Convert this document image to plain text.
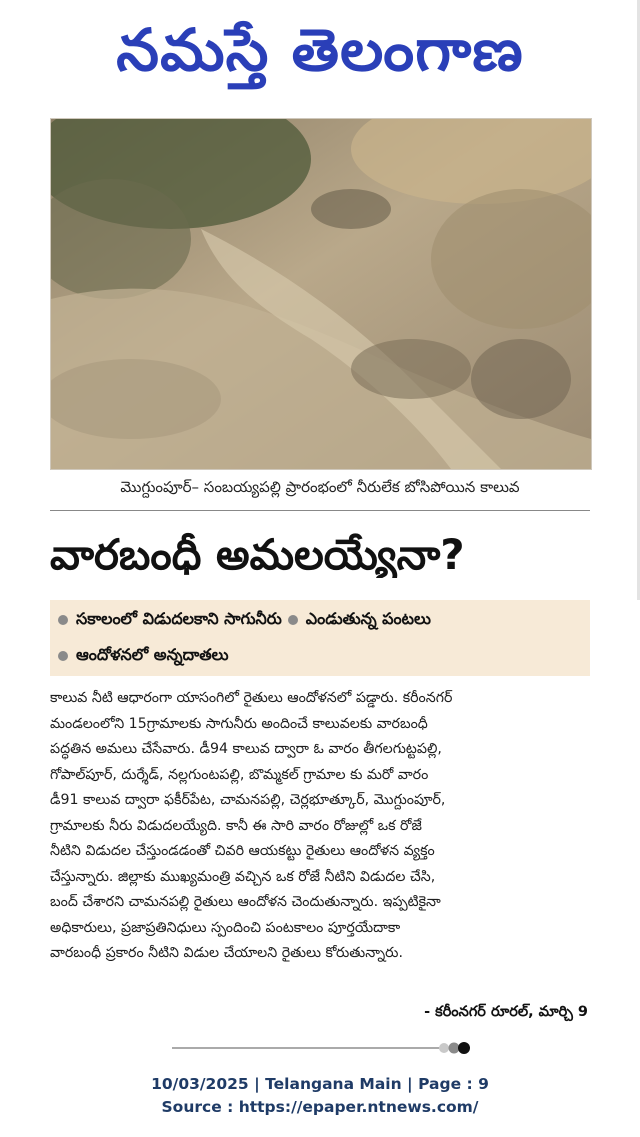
నమస్తే తెలంగాణ
మొగ్దుంపూర్‌– సంబయ్యపల్లి ప్రారంభంలో నీరులేక బోసిపోయిన కాలువ
వారబంధీ అమలయ్యేనా?
సకాలంలో విడుదలకాని సాగునీరు ఎండుతున్న పంటలు
ఆందోళనలో అన్నదాతలు
కాలువ నీటి ఆధారంగా యాసంగిలో రైతులు ఆందోళనలో పడ్డారు. కరీంనగర్‌
మండలంలోని 15గ్రామాలకు సాగునీరు అందించే కాలువలకు వారబంధీ
పద్ధతిన అమలు చేసేవారు. డీ94 కాలువ ద్వారా ఓ వారం తీగలగుట్టపల్లి,
గోపాల్‌పూర్‌, దుర్శేడ్‌, నల్లగుంటపల్లి, బొమ్మకల్‌ గ్రామాల కు మరో వారం
డీ91 కాలువ ద్వారా ఫకీర్‌పేట, చామనపల్లి, చెర్లభూత్కూర్‌, మొగ్దుంపూర్‌,
గ్రామాలకు నీరు విడుదలయ్యేది. కానీ ఈ సారి వారం రోజుల్లో ఒక రోజే
నీటిని విడుదల చేస్తుండడంతో చివరి ఆయకట్టు రైతులు ఆందోళన వ్యక్తం
చేస్తున్నారు. జిల్లాకు ముఖ్యమంత్రి వచ్చిన ఒక రోజే నీటిని విడుదల చేసి,
బంద్‌ చేశారని చామనపల్లి రైతులు ఆందోళన చెందుతున్నారు. ఇప్పటికైనా
అధికారులు, ప్రజాప్రతినిధులు స్పందించి పంటకాలం పూర్తయేదాకా
వారబంధీ ప్రకారం నీటిని విడుల చేయాలని రైతులు కోరుతున్నారు.
- కరీంనగర్‌ రూరల్‌, మార్చి 9
10/03/2025 | Telangana Main | Page : 9
Source : https://epaper.ntnews.com/
